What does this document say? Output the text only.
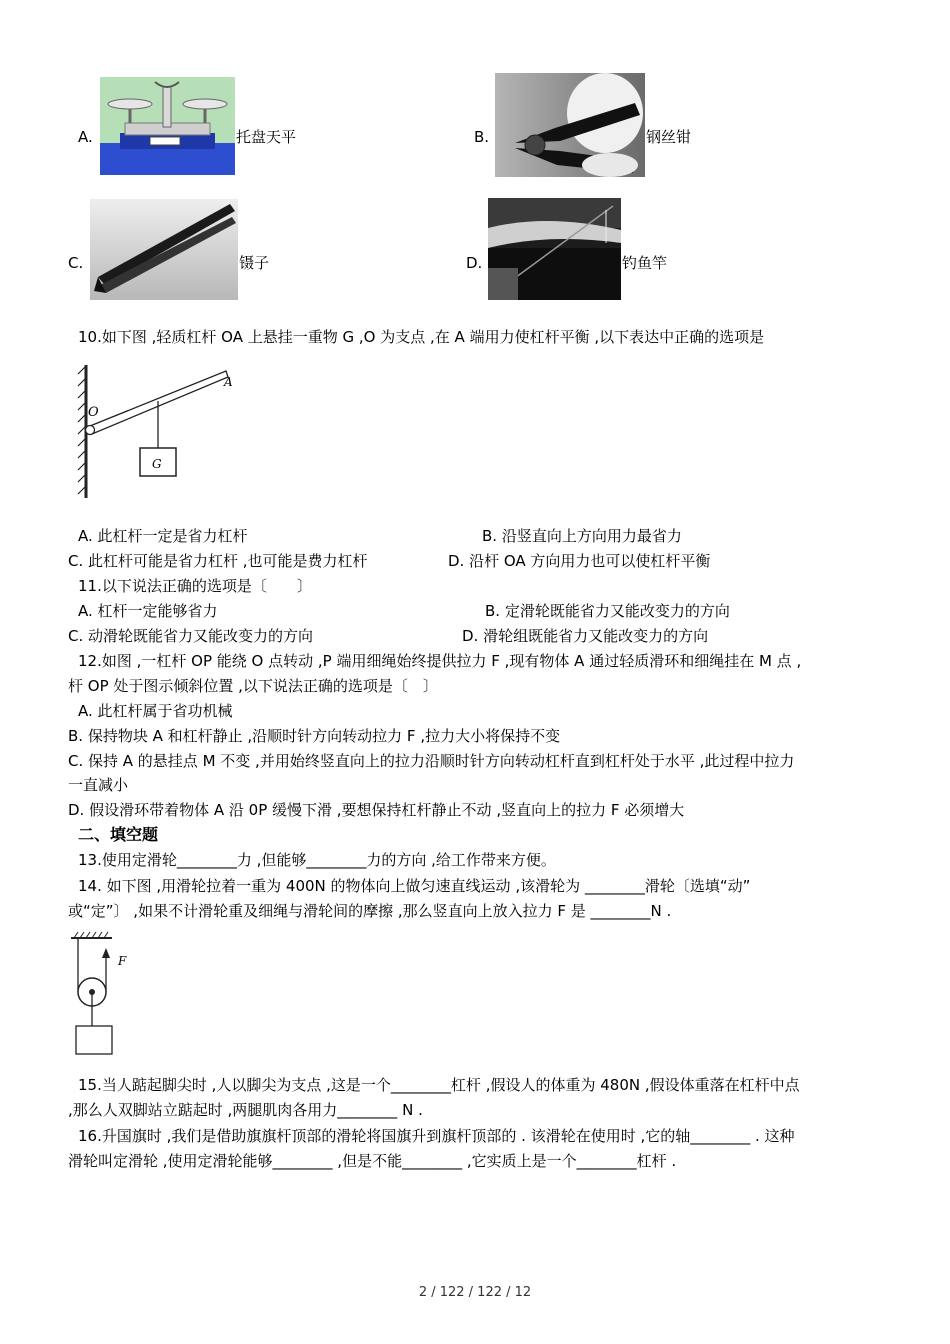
A.	托盘天平	B.	钢丝钳
C.	镊子	D.	钓鱼竿
10.如下图 ,轻质杠杆 OA 上悬挂一重物 G ,O 为支点 ,在 A 端用力使杠杆平衡 ,以下表达中正确的选项是
O
A
G
A. 此杠杆一定是省力杠杆	B. 沿竖直向上方向用力最省力
C. 此杠杆可能是省力杠杆 ,也可能是费力杠杆	D. 沿杆 OA 方向用力也可以使杠杆平衡
11.以下说法正确的选项是〔　　〕
A. 杠杆一定能够省力	B. 定滑轮既能省力又能改变力的方向
C. 动滑轮既能省力又能改变力的方向	D. 滑轮组既能省力又能改变力的方向
12.如图 ,一杠杆 OP 能绕 O 点转动 ,P 端用细绳始终提供拉力 F ,现有物体 A 通过轻质滑环和细绳挂在 M 点 ,
杆 OP 处于图示倾斜位置 ,以下说法正确的选项是〔　〕
A. 此杠杆属于省功机械
B. 保持物块 A 和杠杆静止 ,沿顺时针方向转动拉力 F ,拉力大小将保持不变
C. 保持 A 的悬挂点 M 不变 ,并用始终竖直向上的拉力沿顺时针方向转动杠杆直到杠杆处于水平 ,此过程中拉力
一直减小
D. 假设滑环带着物体 A 沿 0P 缓慢下滑 ,要想保持杠杆静止不动 ,竖直向上的拉力 F 必须增大
二、填空题
13.使用定滑轮________力 ,但能够________力的方向 ,给工作带来方便。
14. 如下图 ,用滑轮拉着一重为 400N 的物体向上做匀速直线运动 ,该滑轮为 ________滑轮〔选填“动”
或“定”〕 ,如果不计滑轮重及细绳与滑轮间的摩擦 ,那么竖直向上放入拉力 F 是 ________N .
F
15.当人踮起脚尖时 ,人以脚尖为支点 ,这是一个________杠杆 ,假设人的体重为 480N ,假设体重落在杠杆中点
,那么人双脚站立踮起时 ,两腿肌肉各用力________ N .
16.升国旗时 ,我们是借助旗旗杆顶部的滑轮将国旗升到旗杆顶部的 . 该滑轮在使用时 ,它的轴________ . 这种
滑轮叫定滑轮 ,使用定滑轮能够________ ,但是不能________ ,它实质上是一个________杠杆 .
2 / 122 / 122 / 12
